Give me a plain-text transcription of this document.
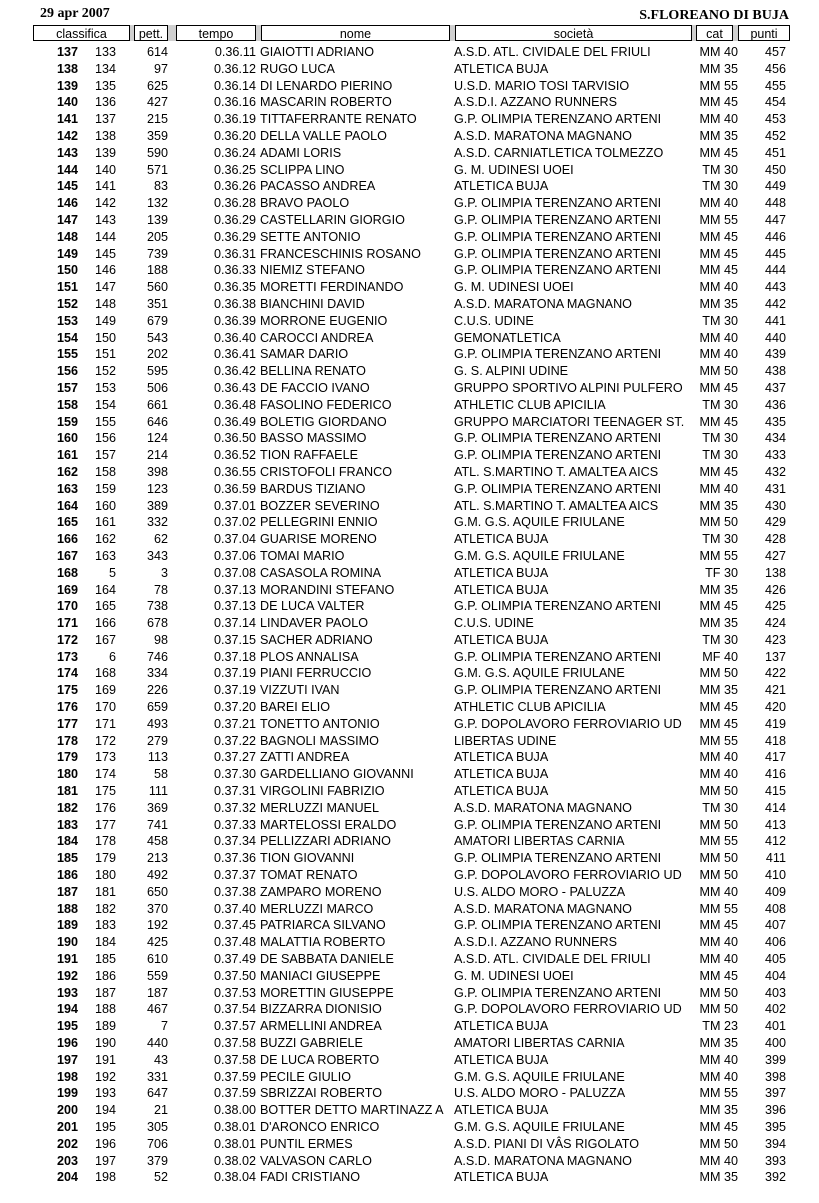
29 apr 2007	S.FLOREANO DI BUJA
classifica	pett.	tempo	nome	società	cat	punti
137	133	614	0.36.11	GIAIOTTI ADRIANO	A.S.D. ATL. CIVIDALE DEL FRIULI	MM 40	457
138	134	97	0.36.12	RUGO LUCA	ATLETICA BUJA	MM 35	456
139	135	625	0.36.14	DI LENARDO PIERINO	U.S.D. MARIO TOSI TARVISIO	MM 55	455
140	136	427	0.36.16	MASCARIN ROBERTO	A.S.D.I. AZZANO RUNNERS	MM 45	454
141	137	215	0.36.19	TITTAFERRANTE RENATO	G.P. OLIMPIA TERENZANO ARTENI	MM 40	453
142	138	359	0.36.20	DELLA VALLE PAOLO	A.S.D. MARATONA MAGNANO	MM 35	452
143	139	590	0.36.24	ADAMI LORIS	A.S.D. CARNIATLETICA TOLMEZZO	MM 45	451
144	140	571	0.36.25	SCLIPPA LINO	G. M. UDINESI UOEI	TM 30	450
145	141	83	0.36.26	PACASSO ANDREA	ATLETICA BUJA	TM 30	449
146	142	132	0.36.28	BRAVO PAOLO	G.P. OLIMPIA TERENZANO ARTENI	MM 40	448
147	143	139	0.36.29	CASTELLARIN GIORGIO	G.P. OLIMPIA TERENZANO ARTENI	MM 55	447
148	144	205	0.36.29	SETTE ANTONIO	G.P. OLIMPIA TERENZANO ARTENI	MM 45	446
149	145	739	0.36.31	FRANCESCHINIS ROSANO	G.P. OLIMPIA TERENZANO ARTENI	MM 45	445
150	146	188	0.36.33	NIEMIZ STEFANO	G.P. OLIMPIA TERENZANO ARTENI	MM 45	444
151	147	560	0.36.35	MORETTI FERDINANDO	G. M. UDINESI UOEI	MM 40	443
152	148	351	0.36.38	BIANCHINI DAVID	A.S.D. MARATONA MAGNANO	MM 35	442
153	149	679	0.36.39	MORRONE EUGENIO	C.U.S. UDINE	TM 30	441
154	150	543	0.36.40	CAROCCI ANDREA	GEMONATLETICA	MM 40	440
155	151	202	0.36.41	SAMAR DARIO	G.P. OLIMPIA TERENZANO ARTENI	MM 40	439
156	152	595	0.36.42	BELLINA RENATO	G. S. ALPINI UDINE	MM 50	438
157	153	506	0.36.43	DE FACCIO IVANO	GRUPPO SPORTIVO ALPINI PULFERO	MM 45	437
158	154	661	0.36.48	FASOLINO FEDERICO	ATHLETIC CLUB APICILIA	TM 30	436
159	155	646	0.36.49	BOLETIG GIORDANO	GRUPPO MARCIATORI TEENAGER ST.	MM 45	435
160	156	124	0.36.50	BASSO MASSIMO	G.P. OLIMPIA TERENZANO ARTENI	TM 30	434
161	157	214	0.36.52	TION RAFFAELE	G.P. OLIMPIA TERENZANO ARTENI	TM 30	433
162	158	398	0.36.55	CRISTOFOLI FRANCO	ATL. S.MARTINO T. AMALTEA AICS	MM 45	432
163	159	123	0.36.59	BARDUS TIZIANO	G.P. OLIMPIA TERENZANO ARTENI	MM 40	431
164	160	389	0.37.01	BOZZER SEVERINO	ATL. S.MARTINO T. AMALTEA AICS	MM 35	430
165	161	332	0.37.02	PELLEGRINI ENNIO	G.M. G.S. AQUILE FRIULANE	MM 50	429
166	162	62	0.37.04	GUARISE MORENO	ATLETICA BUJA	TM 30	428
167	163	343	0.37.06	TOMAI MARIO	G.M. G.S. AQUILE FRIULANE	MM 55	427
168	5	3	0.37.08	CASASOLA ROMINA	ATLETICA BUJA	TF 30	138
169	164	78	0.37.13	MORANDINI STEFANO	ATLETICA BUJA	MM 35	426
170	165	738	0.37.13	DE LUCA VALTER	G.P. OLIMPIA TERENZANO ARTENI	MM 45	425
171	166	678	0.37.14	LINDAVER PAOLO	C.U.S. UDINE	MM 35	424
172	167	98	0.37.15	SACHER ADRIANO	ATLETICA BUJA	TM 30	423
173	6	746	0.37.18	PLOS ANNALISA	G.P. OLIMPIA TERENZANO ARTENI	MF 40	137
174	168	334	0.37.19	PIANI FERRUCCIO	G.M. G.S. AQUILE FRIULANE	MM 50	422
175	169	226	0.37.19	VIZZUTI IVAN	G.P. OLIMPIA TERENZANO ARTENI	MM 35	421
176	170	659	0.37.20	BAREI ELIO	ATHLETIC CLUB APICILIA	MM 45	420
177	171	493	0.37.21	TONETTO ANTONIO	G.P. DOPOLAVORO FERROVIARIO UD	MM 45	419
178	172	279	0.37.22	BAGNOLI MASSIMO	LIBERTAS UDINE	MM 55	418
179	173	113	0.37.27	ZATTI ANDREA	ATLETICA BUJA	MM 40	417
180	174	58	0.37.30	GARDELLIANO GIOVANNI	ATLETICA BUJA	MM 40	416
181	175	111	0.37.31	VIRGOLINI FABRIZIO	ATLETICA BUJA	MM 50	415
182	176	369	0.37.32	MERLUZZI MANUEL	A.S.D. MARATONA MAGNANO	TM 30	414
183	177	741	0.37.33	MARTELOSSI ERALDO	G.P. OLIMPIA TERENZANO ARTENI	MM 50	413
184	178	458	0.37.34	PELLIZZARI ADRIANO	AMATORI LIBERTAS CARNIA	MM 55	412
185	179	213	0.37.36	TION GIOVANNI	G.P. OLIMPIA TERENZANO ARTENI	MM 50	411
186	180	492	0.37.37	TOMAT RENATO	G.P. DOPOLAVORO FERROVIARIO UD	MM 50	410
187	181	650	0.37.38	ZAMPARO MORENO	U.S. ALDO MORO - PALUZZA	MM 40	409
188	182	370	0.37.40	MERLUZZI MARCO	A.S.D. MARATONA MAGNANO	MM 55	408
189	183	192	0.37.45	PATRIARCA SILVANO	G.P. OLIMPIA TERENZANO ARTENI	MM 45	407
190	184	425	0.37.48	MALATTIA ROBERTO	A.S.D.I. AZZANO RUNNERS	MM 40	406
191	185	610	0.37.49	DE SABBATA DANIELE	A.S.D. ATL. CIVIDALE DEL FRIULI	MM 40	405
192	186	559	0.37.50	MANIACI GIUSEPPE	G. M. UDINESI UOEI	MM 45	404
193	187	187	0.37.53	MORETTIN GIUSEPPE	G.P. OLIMPIA TERENZANO ARTENI	MM 50	403
194	188	467	0.37.54	BIZZARRA DIONISIO	G.P. DOPOLAVORO FERROVIARIO UD	MM 50	402
195	189	7	0.37.57	ARMELLINI ANDREA	ATLETICA BUJA	TM 23	401
196	190	440	0.37.58	BUZZI GABRIELE	AMATORI LIBERTAS CARNIA	MM 35	400
197	191	43	0.37.58	DE LUCA ROBERTO	ATLETICA BUJA	MM 40	399
198	192	331	0.37.59	PECILE GIULIO	G.M. G.S. AQUILE FRIULANE	MM 40	398
199	193	647	0.37.59	SBRIZZAI ROBERTO	U.S. ALDO MORO - PALUZZA	MM 55	397
200	194	21	0.38.00	BOTTER DETTO MARTINAZZ A	ATLETICA BUJA	MM 35	396
201	195	305	0.38.01	D'ARONCO ENRICO	G.M. G.S. AQUILE FRIULANE	MM 45	395
202	196	706	0.38.01	PUNTIL ERMES	A.S.D. PIANI DI VÂS RIGOLATO	MM 50	394
203	197	379	0.38.02	VALVASON CARLO	A.S.D. MARATONA MAGNANO	MM 40	393
204	198	52	0.38.04	FADI CRISTIANO	ATLETICA BUJA	MM 35	392
